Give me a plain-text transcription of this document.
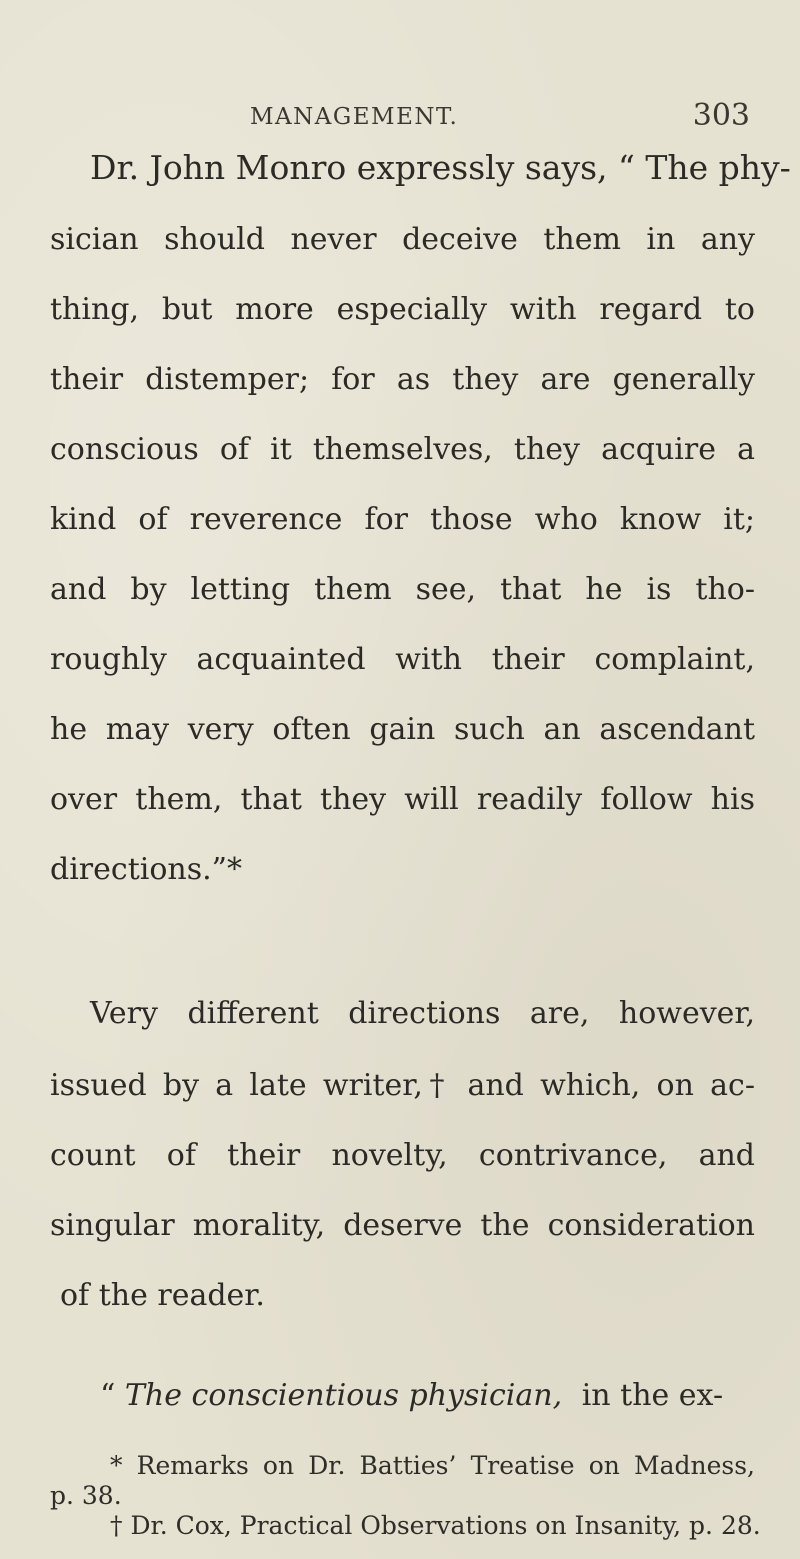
MANAGEMENT.	303
Dr. John Monro expressly says, “ The phy-
sician should never deceive them in any
thing, but more especially with regard to
their distemper; for as they are generally
conscious of it themselves, they acquire a
kind of reverence for those who know it;
and by letting them see, that he is tho-
roughly acquainted with their complaint,
he may very often gain such an ascendant
over them, that they will readily follow his
directions.”*
Very different directions are, however,
issued by a late writer,† and which, on ac-
count of their novelty, contrivance, and
singular morality, deserve the consideration
of the reader.
“ The conscientious physician, in the ex-
* Remarks on Dr. Batties’ Treatise on Madness,
p. 38.
† Dr. Cox, Practical Observations on Insanity, p. 28.
